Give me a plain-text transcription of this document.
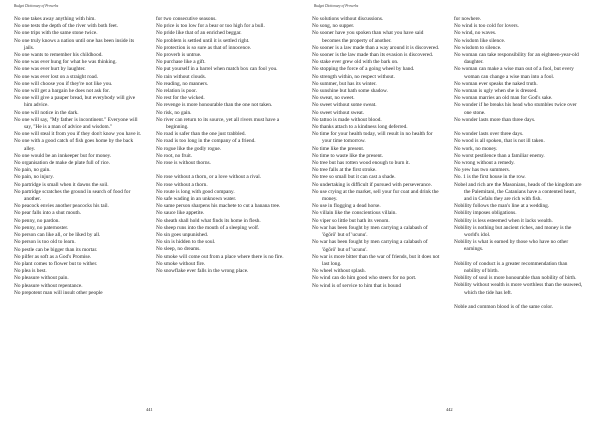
Budget Dictionary of Proverbs

No one takes away anything with him.

No one tests the depth of the river with both feet.

No one trips with the same stone twice.

No one truly knows a nation until one has been inside its jails.

No one wants to remember his childhood.

No one was ever hung for what he was thinking.

No one was ever hurt by laughter.

No one was ever lost on a straight road.

No one will choose you if they're not like you.

No one will get a bargain he does not ask for.

No one will give a pauper bread, but everybody will give him advice.

No one will notice in the dark.

No one will say, "My father is incontinent." Everyone will say, "He is a man of advice and wisdom."

No one will steal it from you if they don't know you have it.

No one with a good catch of fish goes home by the back alley.

No one would be an innkeeper but for money.

No organisation de make de plate full of rice.

No pain, no gain.

No pain, no injury.

No partridge is small when it dawns the soil.

No partridge scratches the ground in search of food for another.

No peacock envies another peacocks his tail.

No pear falls into a shut mouth.

No penny, no pardon.

No penny, no paternoster.

No person can like all, or be liked by all.

No person is too old to learn.

No pestle can be bigger than its mortar.

No pilfer as soft as a God's Promise.

No plant comes to flower but to wither.

No plea is best.

No pleasure without pain.

No pleasure without repentance.

No prepotent man will insult other people

for two consecutive seasons.

No price is too low for a bear or too high for a bull.

No pride like that of an enriched beggar.

No problem is settled until it is settled right.

No protection is so sure as that of innocence.

No proverb is untrue.

No purchase like a gift.

No put yourself in a barrel when match box can fool you.

No rain without clouds.

No reading, no manners.

No relation is poor.

No rest for the wicked.

No revenge is more honourable than the one not taken.

No risk, no gain.

No river can return to its source, yet all rivers must have a beginning.

No road is safer than the one just trabbled.

No road is too long in the company of a friend.

No rogue like the godly rogue.

No root, no fruit.

No rose is without thorns.

No rose without a thorn, or a love without a rival.

No rose without a thorn.

No route is long with good company.

No safe wading in an unknown water.

No same person sharpens his machete to cut a banana tree.

No sauce like appetite.

No sheath shall hold what finds its home in flesh.

No sheep runs into the mouth of a sleeping wolf.

No sin goes unpunished.

No sin is hidden to the soul.

No sleep, no dreams.

No smoke will come out from a place where there is no fire.

No smoke without fire.

No snowflake ever falls in the wrong place.

441

Budget Dictionary of Proverbs

No solutions without discussions.

No song, no supper.

No sooner have you spoken than what you have said becomes the property of another.

No sooner is a law made than a way around it is discovered.

No sooner is the law made than its evasion is discovered.

No stake ever grew old with the bark on.

No stopping the force of a going wheel by hand.

No strength within, no respect without.

No summer, but has its winter.

No sunshine but hath some shadow.

No sweat, no sweet.

No sweet without some sweat.

No sweet without sweat.

No tattoo is made without blood.

No thanks attach to a kindness long deferred.

No time for your health today, will result in no health for your time tomorrow.

No time like the present.

No time to waste like the present.

No tree but has rotten wood enough to burn it.

No tree falls at the first stroke.

No tree so small but it can cast a shade.

No undertaking is difficult if pursued with perseverance.

No use crying at the market, sell your fur coat and drink the money.

No use in flogging a dead horse.

No villain like the conscientious villain.

No viper so little but hath its venom.

No war has been fought by men carrying a calabash of 'ōgōrō' but of 'ucunu'.

No war has been fought by men carrying a calabash of 'ōgōrō' but of 'ucunu'.

No war is more bitter than the war of friends, but it does not last long.

No wheel without splash.

No wind can do him good who steers for no port.

No wind is of service to him that is bound

for nowhere.

No wind is too cold for lovers.

No wind, no waves.

No wisdom like silence.

No wisdom to silence.

No woman can take responsibility for an eighteen-year-old daughter.

No woman can make a wise man out of a fool, but every woman can change a wise man into a fool.

No woman ever speaks the naked truth.

No woman is ugly when she is dressed.

No woman marries an old man for God's sake.

No wonder if he breaks his head who stumbles twice over one stone.

No wonder lasts more than three days.

No wonder lasts over three days.

No wood is all spoken, that is not ill taken.

No work, no money.

No worst pestilence than a familiar enemy.

No wrong without a remedy.

No yew has two summers.

No. 1 is the first house in the row.

Nobel and rich are the Masonians, heads of the kingdom are the Palemitani, the Catanians have a contented heart, and in Cefalu they are rich with fish.

Nobility follows the man's line at a wedding.

Nobility imposes obligations.

Nobility is less esteemed when it lacks wealth.

Nobility is nothing but ancient riches, and money is the world's idol.

Nobility is what is earned by those who have no other earnings.

Nobility of conduct is a greater recommendation than nobility of birth.

Nobility of soul is more honourable than nobility of birth.

Nobility without wealth is more worthless than the seaweed, which the tide has left.

Noble and common blood is of the same color.

442
